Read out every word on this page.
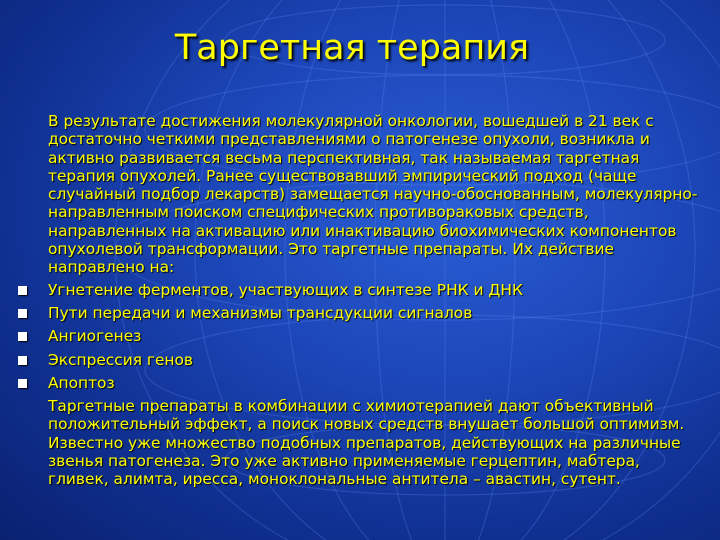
Таргетная терапия

В результате достижения молекулярной онкологии, вошедшей в 21 век с достаточно четкими представлениями о патогенезе опухоли, возникла и активно развивается весьма перспективная, так называемая таргетная терапия опухолей. Ранее существовавший эмпирический подход (чаще случайный подбор лекарств) замещается научно-обоснованным, молекулярно-направленным поиском специфических противораковых средств, направленных на активацию или инактивацию биохимических компонентов опухолевой трансформации. Это таргетные препараты. Их действие направлено на:

Угнетение ферментов, участвующих в синтезе РНК и ДНК
Пути передачи и механизмы трансдукции сигналов
Ангиогенез
Экспрессия генов
Апоптоз

Таргетные препараты в комбинации с химиотерапией дают объективный положительный эффект, а поиск новых средств внушает большой оптимизм. Известно уже множество подобных препаратов, действующих на различные звенья патогенеза. Это уже активно применяемые герцептин, мабтера, гливек, алимта, иресса, моноклональные антитела – авастин, сутент.
